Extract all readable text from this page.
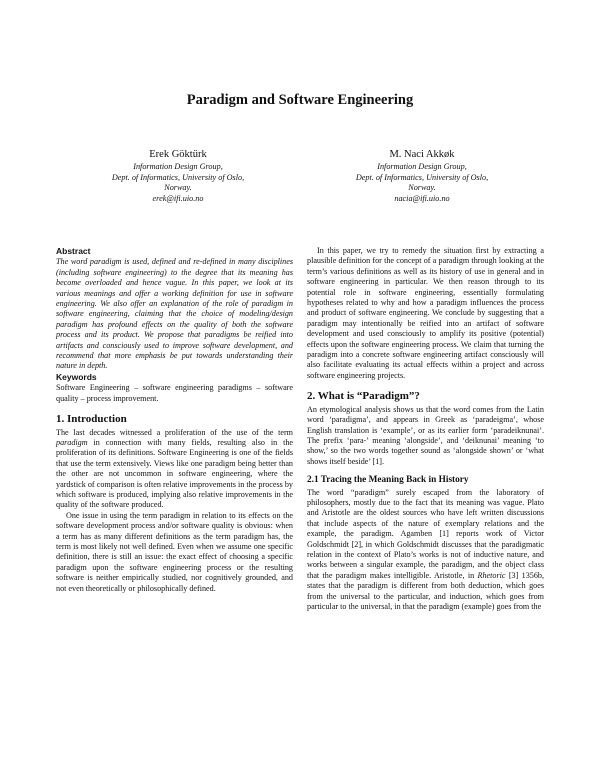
Paradigm and Software Engineering
Erek Göktürk
Information Design Group,
Dept. of Informatics, University of Oslo,
Norway.
erek@ifi.uio.no
M. Naci Akkøk
Information Design Group,
Dept. of Informatics, University of Oslo,
Norway.
nacia@ifi.uio.no
Abstract

The word paradigm is used, defined and re-defined in many disciplines (including software engineering) to the degree that its meaning has become overloaded and hence vague. In this paper, we look at its various meanings and offer a working definition for use in software engineering. We also offer an explanation of the role of paradigm in software engineering, claiming that the choice of modeling/design paradigm has profound effects on the quality of both the software process and its product. We propose that paradigms be reified into artifacts and consciously used to improve software development, and recommend that more emphasis be put towards understanding their nature in depth.

Keywords

Software Engineering – software engineering paradigms – software quality – process improvement.

1. Introduction

The last decades witnessed a proliferation of the use of the term paradigm in connection with many fields, resulting also in the proliferation of its definitions. Software Engineering is one of the fields that use the term extensively. Views like one paradigm being better than the other are not uncommon in software engineering, where the yardstick of comparison is often relative improvements in the process by which software is produced, implying also relative improvements in the quality of the software produced.

One issue in using the term paradigm in relation to its effects on the software development process and/or software quality is obvious: when a term has as many different definitions as the term paradigm has, the term is most likely not well defined. Even when we assume one specific definition, there is still an issue: the exact effect of choosing a specific paradigm upon the software engineering process or the resulting software is neither empirically studied, nor cognitively grounded, and not even theoretically or philosophically defined.

In this paper, we try to remedy the situation first by extracting a plausible definition for the concept of a paradigm through looking at the term’s various definitions as well as its history of use in general and in software engineering in particular. We then reason through to its potential role in software engineering, essentially formulating hypotheses related to why and how a paradigm influences the process and product of software engineering. We conclude by suggesting that a paradigm may intentionally be reified into an artifact of software development and used consciously to amplify its positive (potential) effects upon the software engineering process. We claim that turning the paradigm into a concrete software engineering artifact consciously will also facilitate evaluating its actual effects within a project and across software engineering projects.

2. What is “Paradigm”?

An etymological analysis shows us that the word comes from the Latin word ‘paradigma’, and appears in Greek as ‘paradeigma’, whose English translation is ‘example’, or as its earlier form ‘paradeiknunai’. The prefix ‘para-’ meaning ‘alongside’, and ‘deiknunai’ meaning ‘to show,’ so the two words together sound as ‘alongside shown’ or ‘what shows itself beside’ [1].

2.1 Tracing the Meaning Back in History

The word “paradigm” surely escaped from the laboratory of philosophers, mostly due to the fact that its meaning was vague. Plato and Aristotle are the oldest sources who have left written discussions that include aspects of the nature of exemplary relations and the example, the paradigm. Agamben [1] reports work of Victor Goldschmidt [2], in which Goldschmidt discusses that the paradigmatic relation in the context of Plato’s works is not of inductive nature, and works between a singular example, the paradigm, and the object class that the paradigm makes intelligible. Aristotle, in Rhetoric [3] 1356b, states that the paradigm is different from both deduction, which goes from the universal to the particular, and induction, which goes from particular to the universal, in that the paradigm (example) goes from the
